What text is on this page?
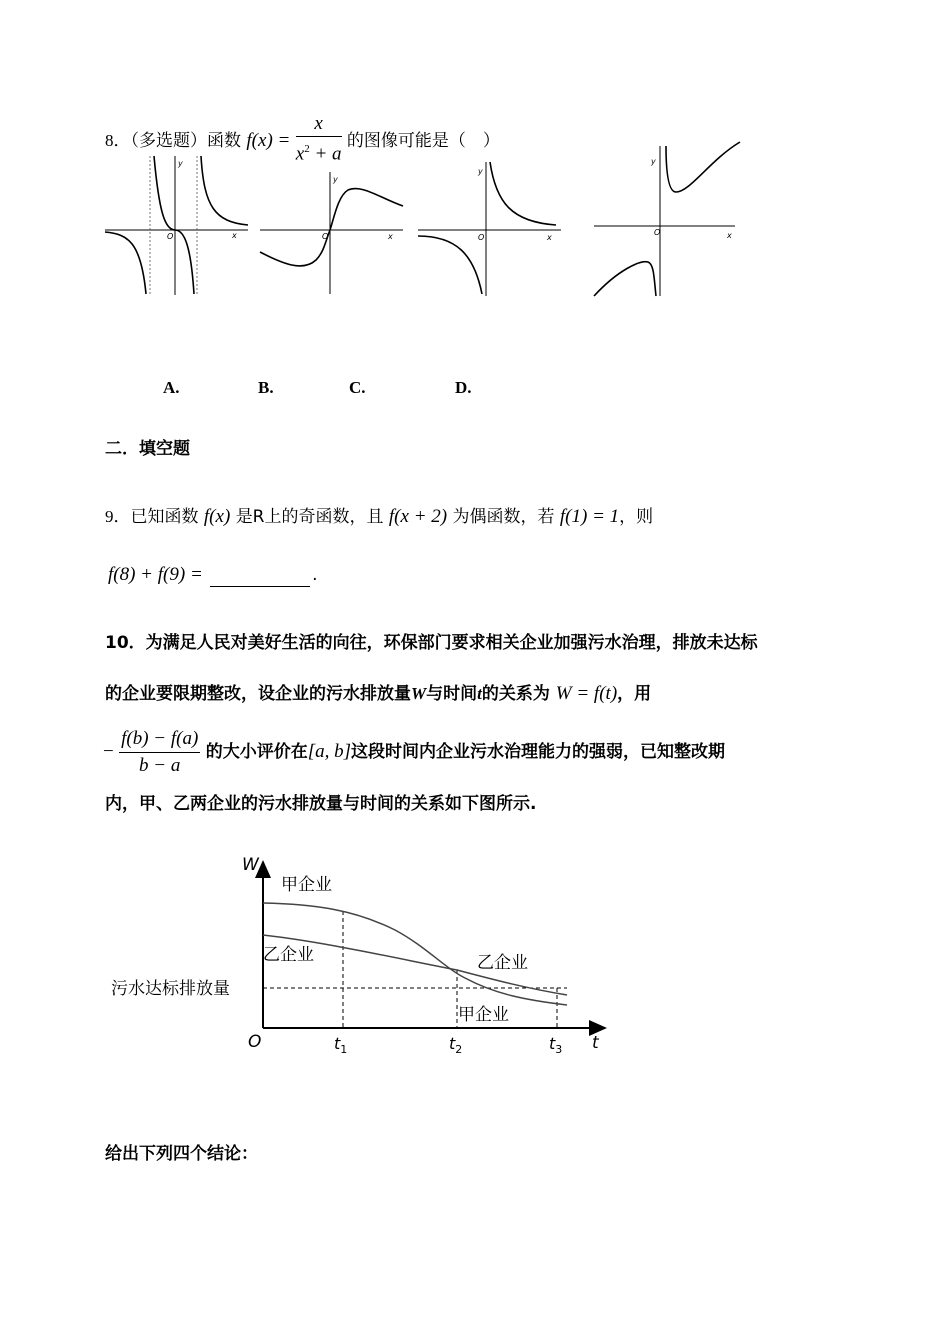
8．（多选题）函数 $f(x) = \frac{x}{x^2 + a}$ 的图像可能是（　）
y
x
O
y
x
O
y
x
O
y
x
O
A.	B.	C.	D.
二．填空题
9．已知函数 f(x) 是R上的奇函数，且 f(x + 2) 为偶函数，若 f(1) = 1，则
f(8) + f(9) =	.
10．为满足人民对美好生活的向往，环保部门要求相关企业加强污水治理，排放未达标
的企业要限期整改，设企业的污水排放量W与时间t的关系为 W = f(t)，用
− $\frac{f(b) - f(a)}{b - a}$ 的大小评价在[a, b]这段时间内企业污水治理能力的强弱，已知整改期
内，甲、乙两企业的污水排放量与时间的关系如下图所示.
W
t
O
甲企业
乙企业	乙企业
甲企业
污水达标排放量
$t_1$	$t_2$	$t_3$
给出下列四个结论：
